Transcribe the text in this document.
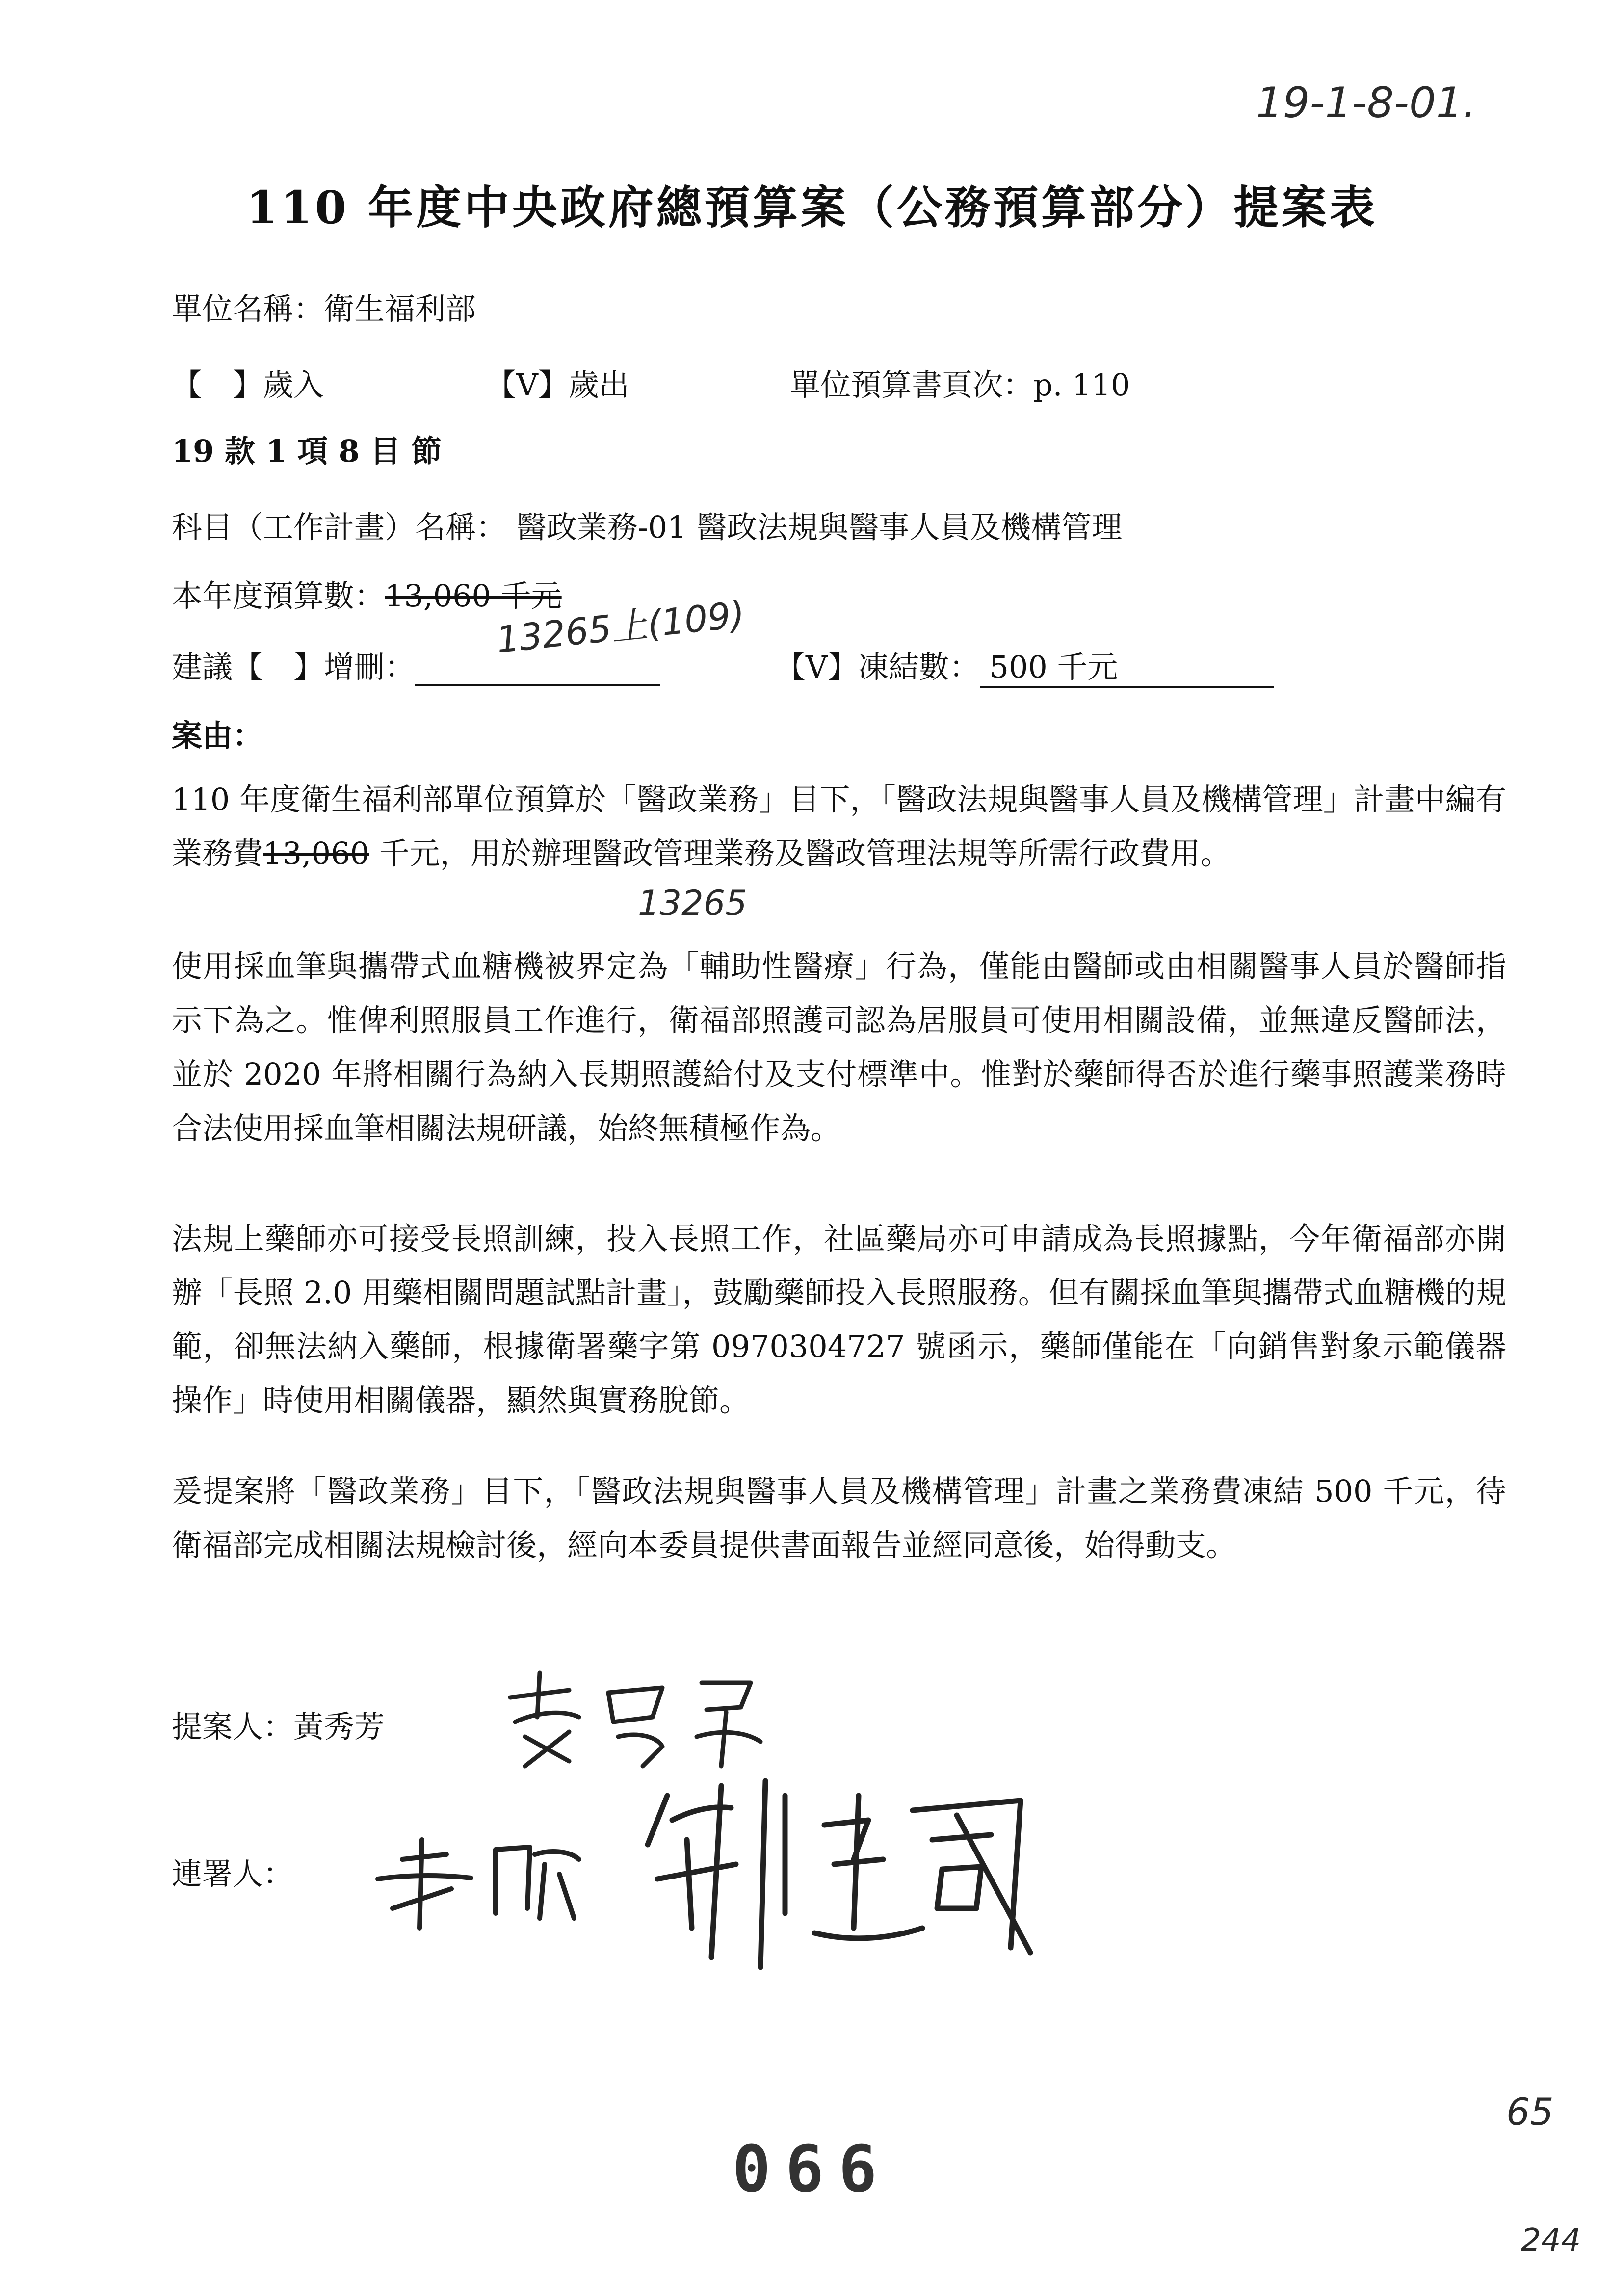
19-1-8-01.
110 年度中央政府總預算案（公務預算部分）提案表
單位名稱：衛生福利部
【　】歲入	【V】歲出	單位預算書頁次：p. 110
19 款 1 項 8 目 節
科目（工作計畫）名稱： 醫政業務-01 醫政法規與醫事人員及機構管理
本年度預算數：13,060 千元
13265上(109)
建議【　】增刪：	【V】凍結數： 500 千元
案由：

110 年度衛生福利部單位預算於「醫政業務」目下，「醫政法規與醫事人員及機構管理」計畫中編有業務費13,060 千元，用於辦理醫政管理業務及醫政管理法規等所需行政費用。

13265

使用採血筆與攜帶式血糖機被界定為「輔助性醫療」行為，僅能由醫師或由相關醫事人員於醫師指示下為之。惟俾利照服員工作進行，衛福部照護司認為居服員可使用相關設備，並無違反醫師法，並於 2020 年將相關行為納入長期照護給付及支付標準中。惟對於藥師得否於進行藥事照護業務時合法使用採血筆相關法規研議，始終無積極作為。

法規上藥師亦可接受長照訓練，投入長照工作，社區藥局亦可申請成為長照據點，今年衛福部亦開辦「長照 2.0 用藥相關問題試點計畫」，鼓勵藥師投入長照服務。但有關採血筆與攜帶式血糖機的規範，卻無法納入藥師，根據衛署藥字第 0970304727 號函示，藥師僅能在「向銷售對象示範儀器操作」時使用相關儀器，顯然與實務脫節。

爰提案將「醫政業務」目下，「醫政法規與醫事人員及機構管理」計畫之業務費凍結 500 千元，待衛福部完成相關法規檢討後，經向本委員提供書面報告並經同意後，始得動支。

提案人：黃秀芳
連署人：
65
244
066
